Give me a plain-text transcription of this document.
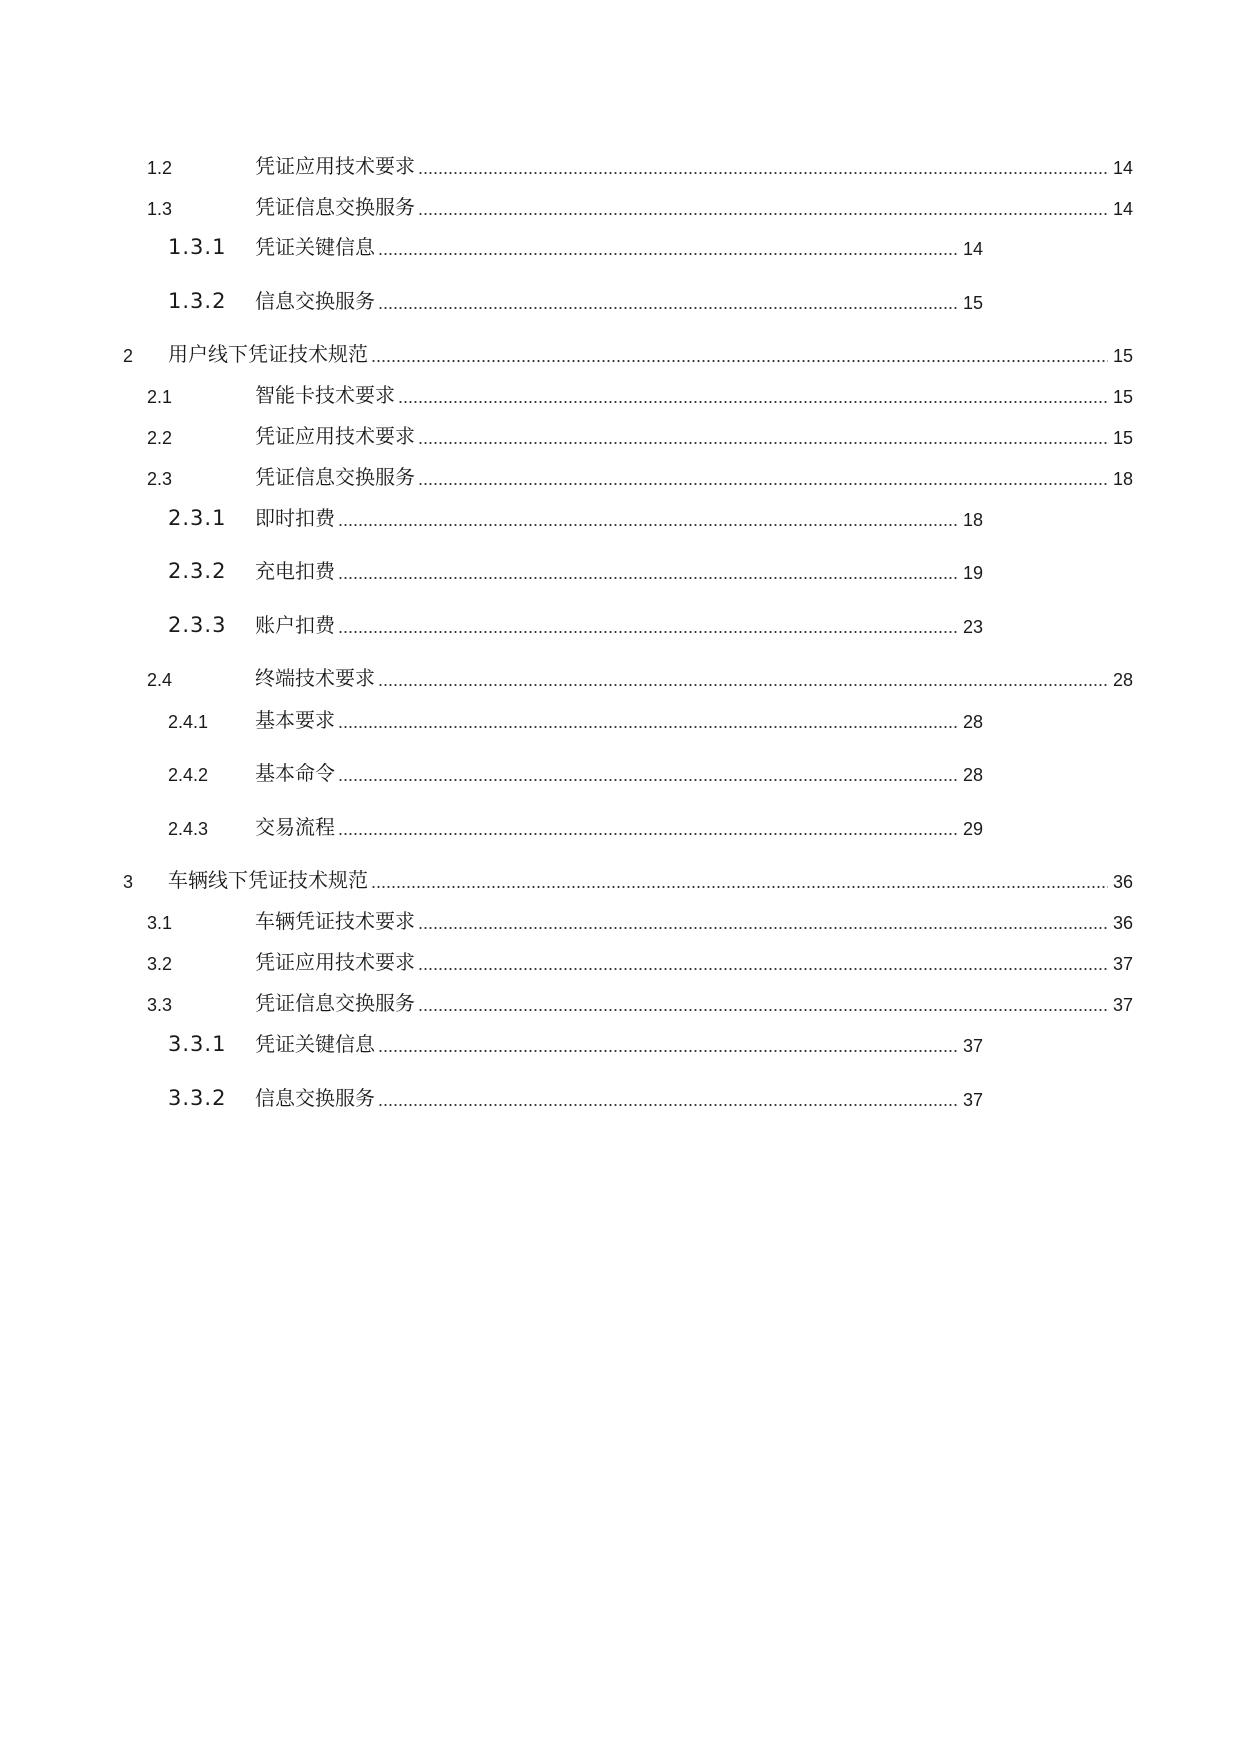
1.2	凭证应用技术要求	14
1.3	凭证信息交换服务	14
1.3.1 凭证关键信息	14
1.3.2 信息交换服务	15
2 用户线下凭证技术规范	15
2.1	智能卡技术要求	15
2.2	凭证应用技术要求	15
2.3	凭证信息交换服务	18
2.3.1 即时扣费	18
2.3.2 充电扣费	19
2.3.3 账户扣费	23
2.4	终端技术要求	28
2.4.1 基本要求	28
2.4.2 基本命令	28
2.4.3 交易流程	29
3 车辆线下凭证技术规范	36
3.1	车辆凭证技术要求	36
3.2	凭证应用技术要求	37
3.3	凭证信息交换服务	37
3.3.1 凭证关键信息	37
3.3.2 信息交换服务	37
